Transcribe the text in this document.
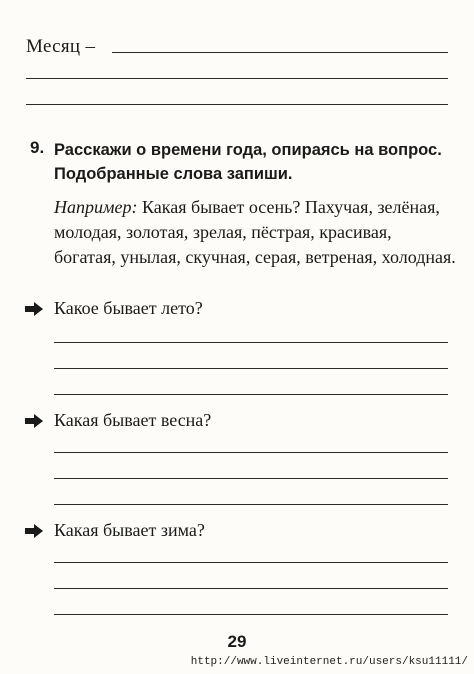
Месяц –
9. Расскажи о времени года, опираясь на вопрос. Подобранные слова запиши.
Например: Какая бывает осень? Пахучая, зелёная, молодая, золотая, зрелая, пёстрая, красивая, богатая, унылая, скучная, серая, ветреная, холодная.
Какое бывает лето?
Какая бывает весна?
Какая бывает зима?
29
http://www.liveinternet.ru/users/ksu11111/
